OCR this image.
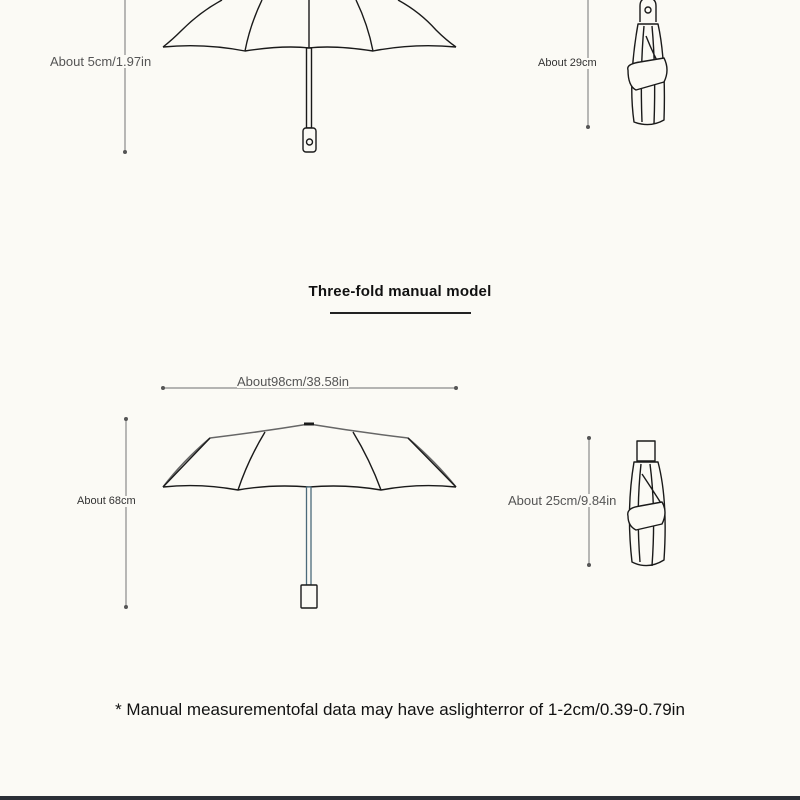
About 5cm/1.97in	About 29cm
Three-fold manual model
About98cm/38.58in
About 68cm	About 25cm/9.84in
* Manual measurementofal data may have aslighterror of 1-2cm/0.39-0.79in
